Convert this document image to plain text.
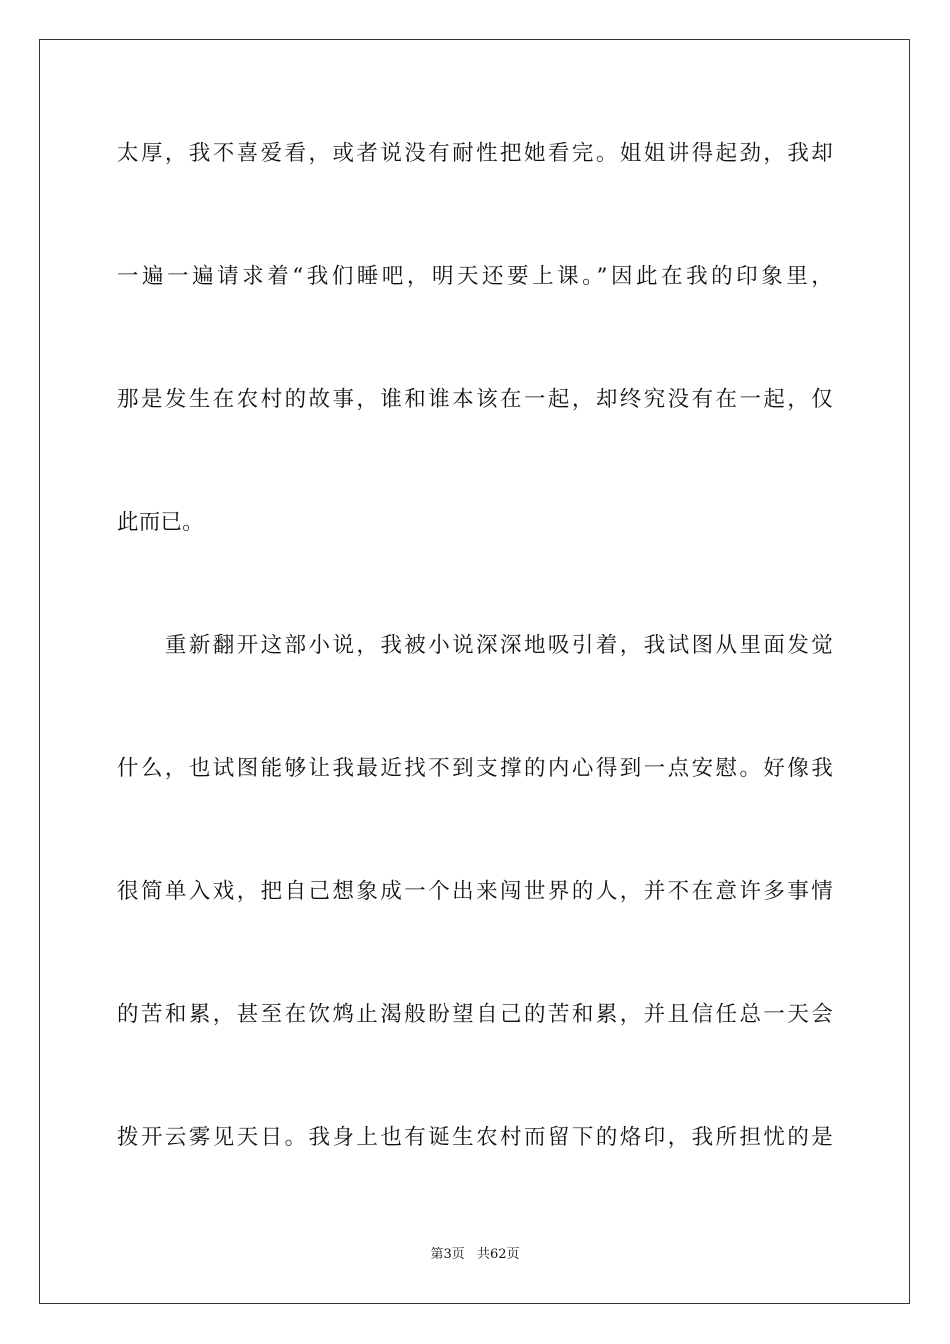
太厚，我不喜爱看，或者说没有耐性把她看完。姐姐讲得起劲，我却
一遍一遍请求着“我们睡吧，明天还要上课。”因此在我的印象里，
那是发生在农村的故事，谁和谁本该在一起，却终究没有在一起，仅
此而已。
　　重新翻开这部小说，我被小说深深地吸引着，我试图从里面发觉
什么，也试图能够让我最近找不到支撑的内心得到一点安慰。好像我
很简单入戏，把自己想象成一个出来闯世界的人，并不在意许多事情
的苦和累，甚至在饮鸩止渴般盼望自己的苦和累，并且信任总一天会
拨开云雾见天日。我身上也有诞生农村而留下的烙印，我所担忧的是
第3页 共62页
